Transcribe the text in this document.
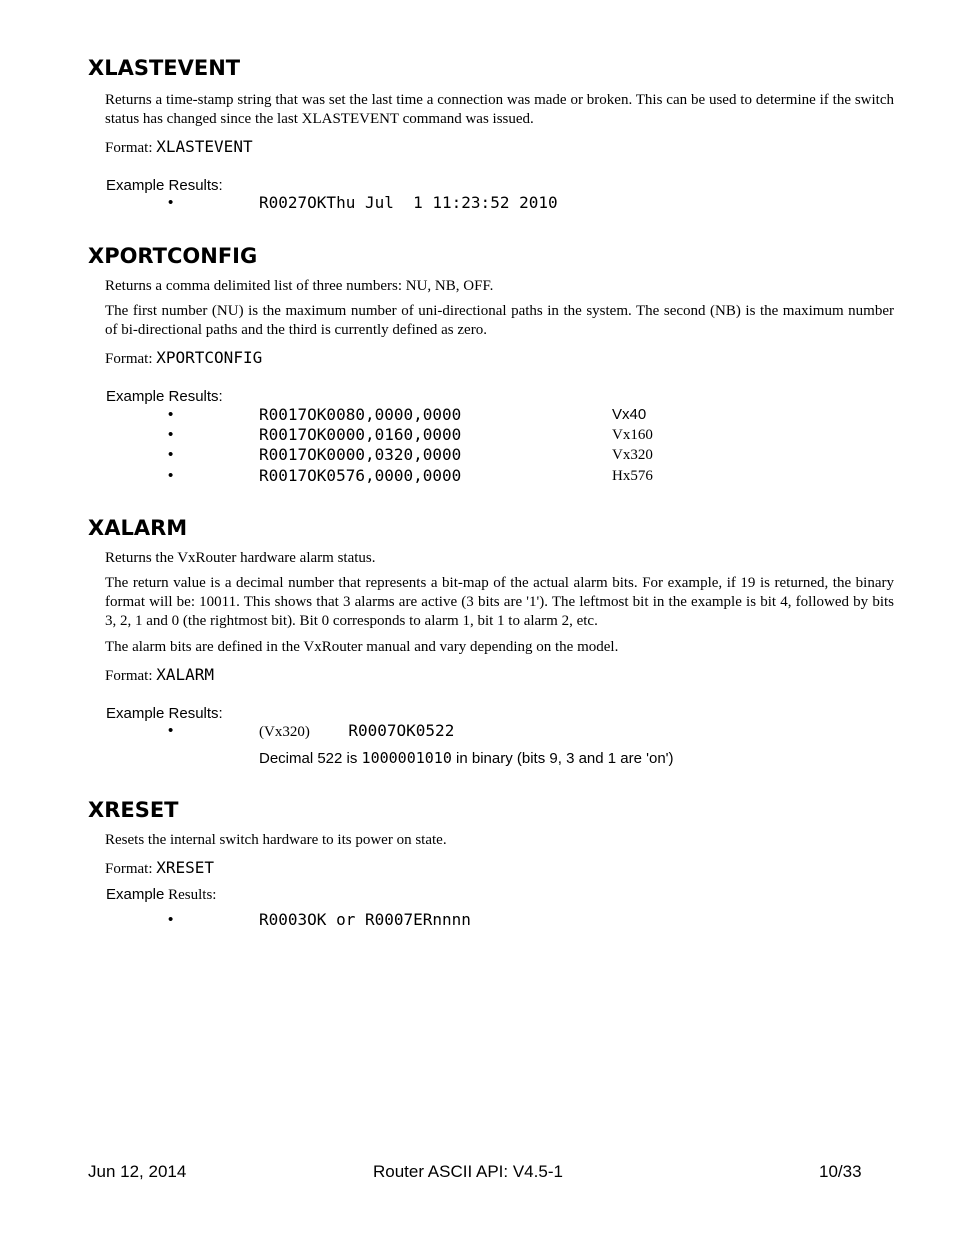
XLASTEVENT

Returns a time-stamp string that was set the last time a connection was made or broken. This can be used to determine if the switch status has changed since the last XLASTEVENT command was issued.

Format: XLASTEVENT
Example Results:
•	R0027OKThu Jul  1 11:23:52 2010
XPORTCONFIG

Returns a comma delimited list of three numbers: NU, NB, OFF.

The first number (NU) is the maximum number of uni-directional paths in the system. The second (NB) is the maximum number of bi-directional paths and the third is currently defined as zero.

Format: XPORTCONFIG
Example Results:
•	R0017OK0080,0000,0000	Vx40
•	R0017OK0000,0160,0000	Vx160
•	R0017OK0000,0320,0000	Vx320
•	R0017OK0576,0000,0000	Hx576
XALARM

Returns the VxRouter hardware alarm status.

The return value is a decimal number that represents a bit-map of the actual alarm bits. For example, if 19 is returned, the binary format will be: 10011. This shows that 3 alarms are active (3 bits are '1'). The leftmost bit in the example is bit 4, followed by bits 3, 2, 1 and 0 (the rightmost bit). Bit 0 corresponds to alarm 1, bit 1 to alarm 2, etc.

The alarm bits are defined in the VxRouter manual and vary depending on the model.

Format: XALARM
Example Results:
•	(Vx320) R0007OK0522
Decimal 522 is 1000001010 in binary (bits 9, 3 and 1 are 'on')
XRESET

Resets the internal switch hardware to its power on state.

Format: XRESET
Example Results:
•	R0003OK or R0007ERnnnn
Jun 12, 2014	Router ASCII API: V4.5-1	10/33
